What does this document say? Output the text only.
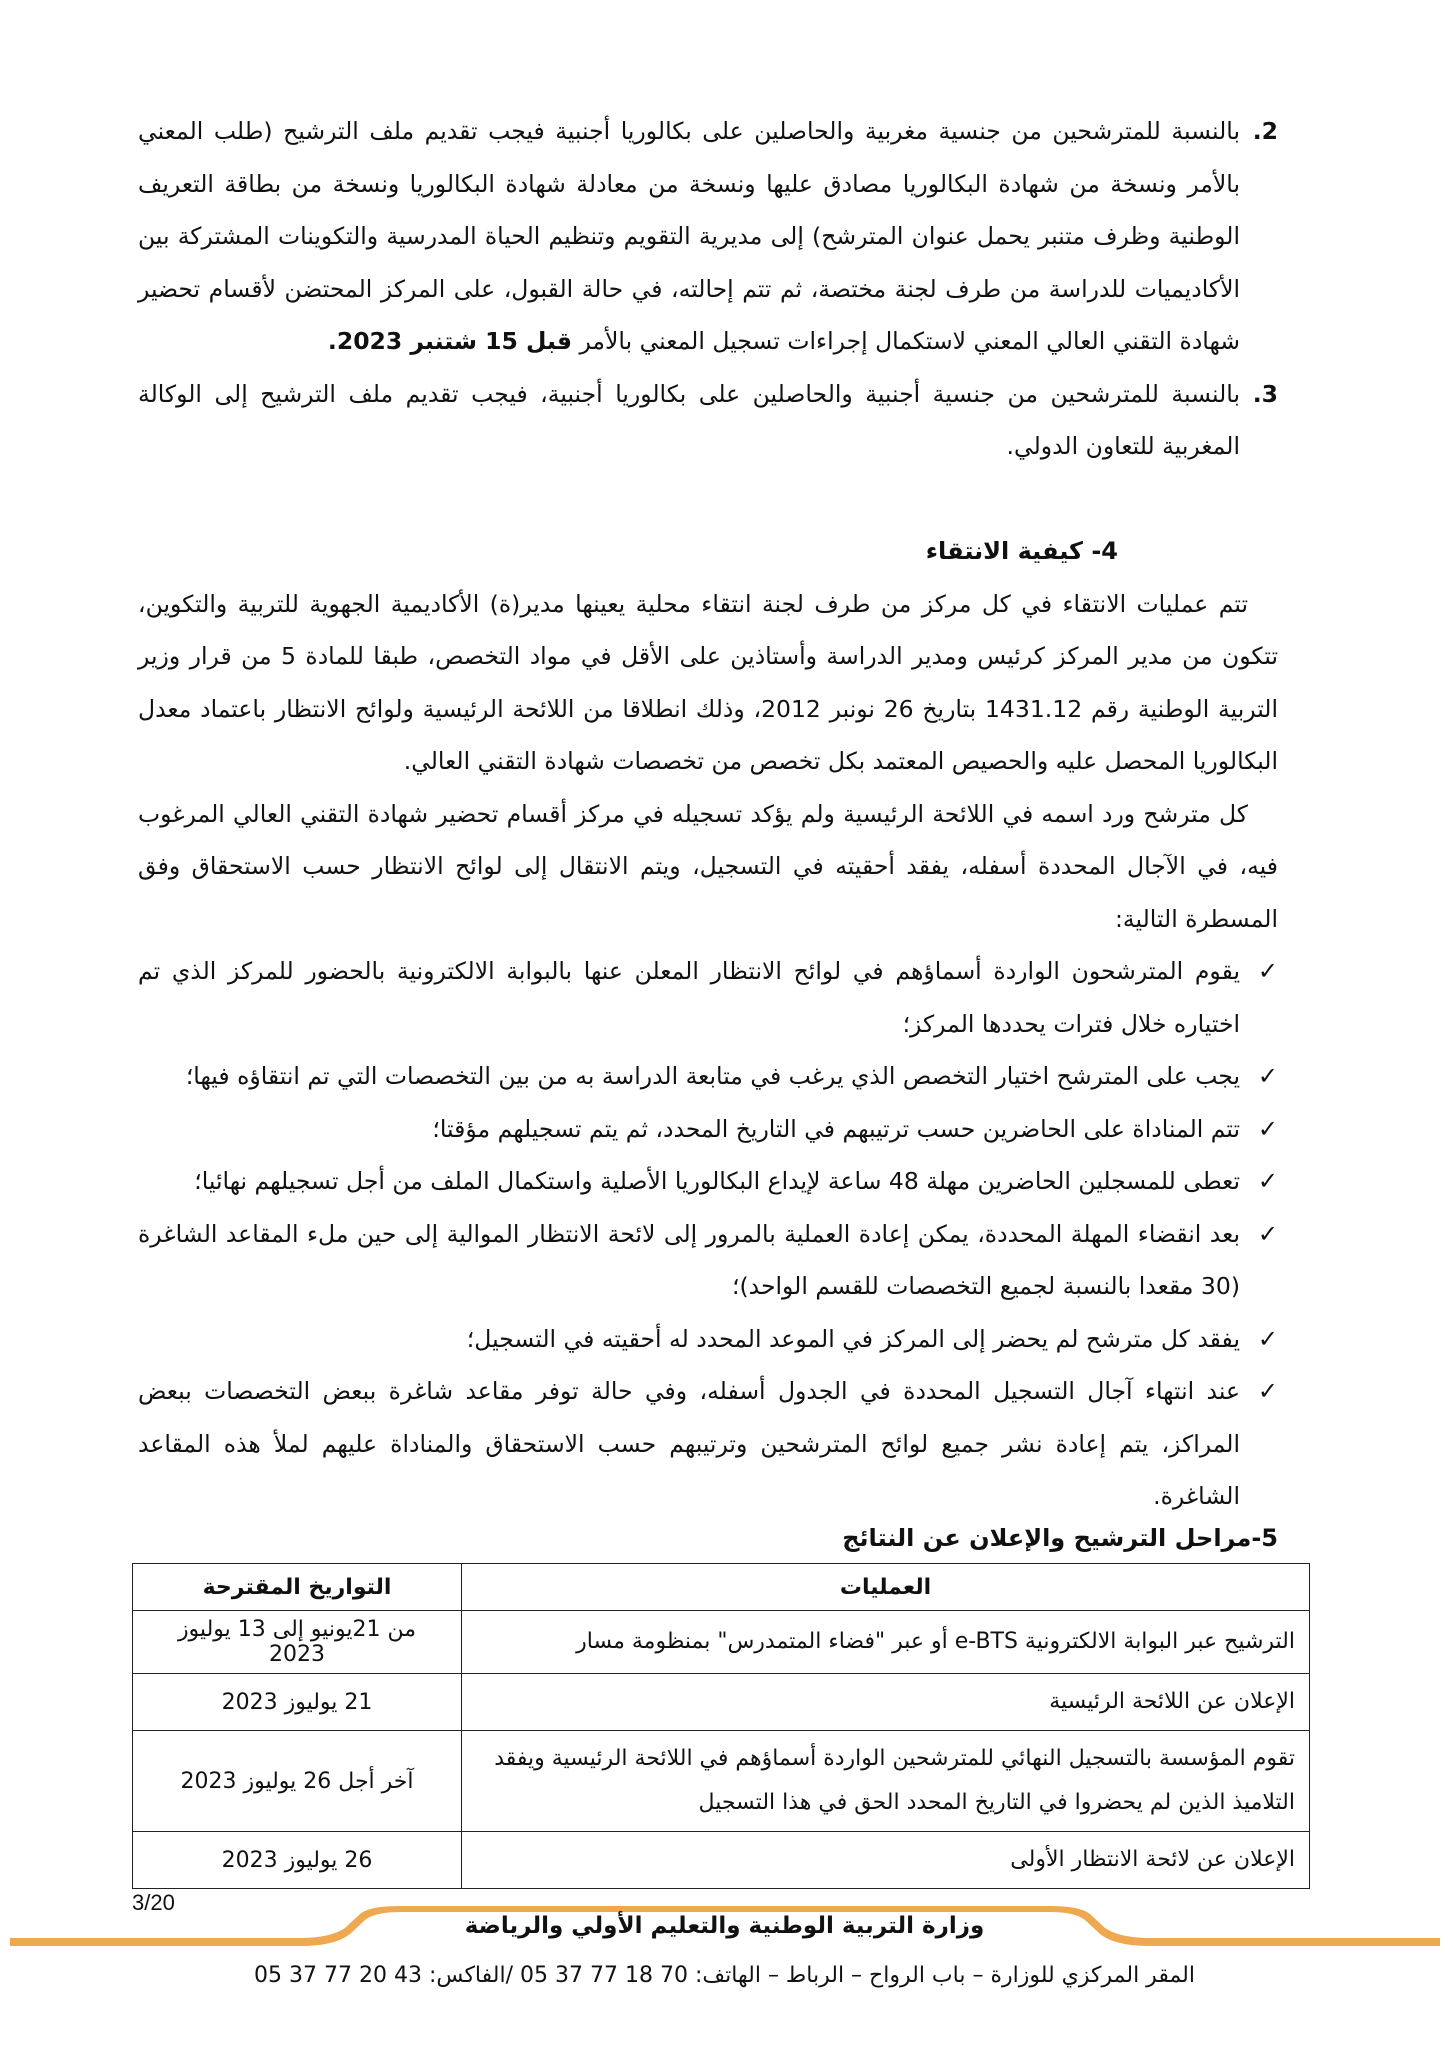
2.
بالنسبة للمترشحين من جنسية مغربية والحاصلين على بكالوريا أجنبية فيجب تقديم ملف الترشيح (طلب المعني بالأمر ونسخة من شهادة البكالوريا مصادق عليها ونسخة من معادلة شهادة البكالوريا ونسخة من بطاقة التعريف الوطنية وظرف متنبر يحمل عنوان المترشح) إلى مديرية التقويم وتنظيم الحياة المدرسية والتكوينات المشتركة بين الأكاديميات للدراسة من طرف لجنة مختصة، ثم تتم إحالته، في حالة القبول، على المركز المحتضن لأقسام تحضير شهادة التقني العالي المعني لاستكمال إجراءات تسجيل المعني بالأمر قبل 15 شتنبر 2023.
3.
بالنسبة للمترشحين من جنسية أجنبية والحاصلين على بكالوريا أجنبية، فيجب تقديم ملف الترشيح إلى الوكالة المغربية للتعاون الدولي.
4- كيفية الانتقاء

تتم عمليات الانتقاء في كل مركز من طرف لجنة انتقاء محلية يعينها مدير(ة) الأكاديمية الجهوية للتربية والتكوين، تتكون من مدير المركز كرئيس ومدير الدراسة وأستاذين على الأقل في مواد التخصص، طبقا للمادة 5 من قرار وزير التربية الوطنية رقم 1431.12 بتاريخ 26 نونبر 2012، وذلك انطلاقا من اللائحة الرئيسية ولوائح الانتظار باعتماد معدل البكالوريا المحصل عليه والحصيص المعتمد بكل تخصص من تخصصات شهادة التقني العالي.

كل مترشح ورد اسمه في اللائحة الرئيسية ولم يؤكد تسجيله في مركز أقسام تحضير شهادة التقني العالي المرغوب فيه، في الآجال المحددة أسفله، يفقد أحقيته في التسجيل، ويتم الانتقال إلى لوائح الانتظار حسب الاستحقاق وفق المسطرة التالية:

✓
يقوم المترشحون الواردة أسماؤهم في لوائح الانتظار المعلن عنها بالبوابة الالكترونية بالحضور للمركز الذي تم اختياره خلال فترات يحددها المركز؛
✓
يجب على المترشح اختيار التخصص الذي يرغب في متابعة الدراسة به من بين التخصصات التي تم انتقاؤه فيها؛
✓
تتم المناداة على الحاضرين حسب ترتيبهم في التاريخ المحدد، ثم يتم تسجيلهم مؤقتا؛
✓
تعطى للمسجلين الحاضرين مهلة 48 ساعة لإيداع البكالوريا الأصلية واستكمال الملف من أجل تسجيلهم نهائيا؛
✓
بعد انقضاء المهلة المحددة، يمكن إعادة العملية بالمرور إلى لائحة الانتظار الموالية إلى حين ملء المقاعد الشاغرة (30 مقعدا بالنسبة لجميع التخصصات للقسم الواحد)؛
✓
يفقد كل مترشح لم يحضر إلى المركز في الموعد المحدد له أحقيته في التسجيل؛
✓
عند انتهاء آجال التسجيل المحددة في الجدول أسفله، وفي حالة توفر مقاعد شاغرة ببعض التخصصات ببعض المراكز، يتم إعادة نشر جميع لوائح المترشحين وترتيبهم حسب الاستحقاق والمناداة عليهم لملأ هذه المقاعد الشاغرة.
5-مراحل الترشيح والإعلان عن النتائج
العمليات	التواريخ المقترحة
الترشيح عبر البوابة الالكترونية e-BTS أو عبر "فضاء المتمدرس" بمنظومة مسار	من 21يونيو إلى 13 يوليوز 2023
الإعلان عن اللائحة الرئيسية	21 يوليوز 2023
تقوم المؤسسة بالتسجيل النهائي للمترشحين الواردة أسماؤهم في اللائحة الرئيسية ويفقد التلاميذ الذين لم يحضروا في التاريخ المحدد الحق في هذا التسجيل	آخر أجل 26 يوليوز 2023
الإعلان عن لائحة الانتظار الأولى	26 يوليوز 2023
3/20
وزارة التربية الوطنية والتعليم الأولي والرياضة
المقر المركزي للوزارة – باب الرواح – الرباط – الهاتف: 70 18 77 37 05 /الفاكس: 43 20 77 37 05
